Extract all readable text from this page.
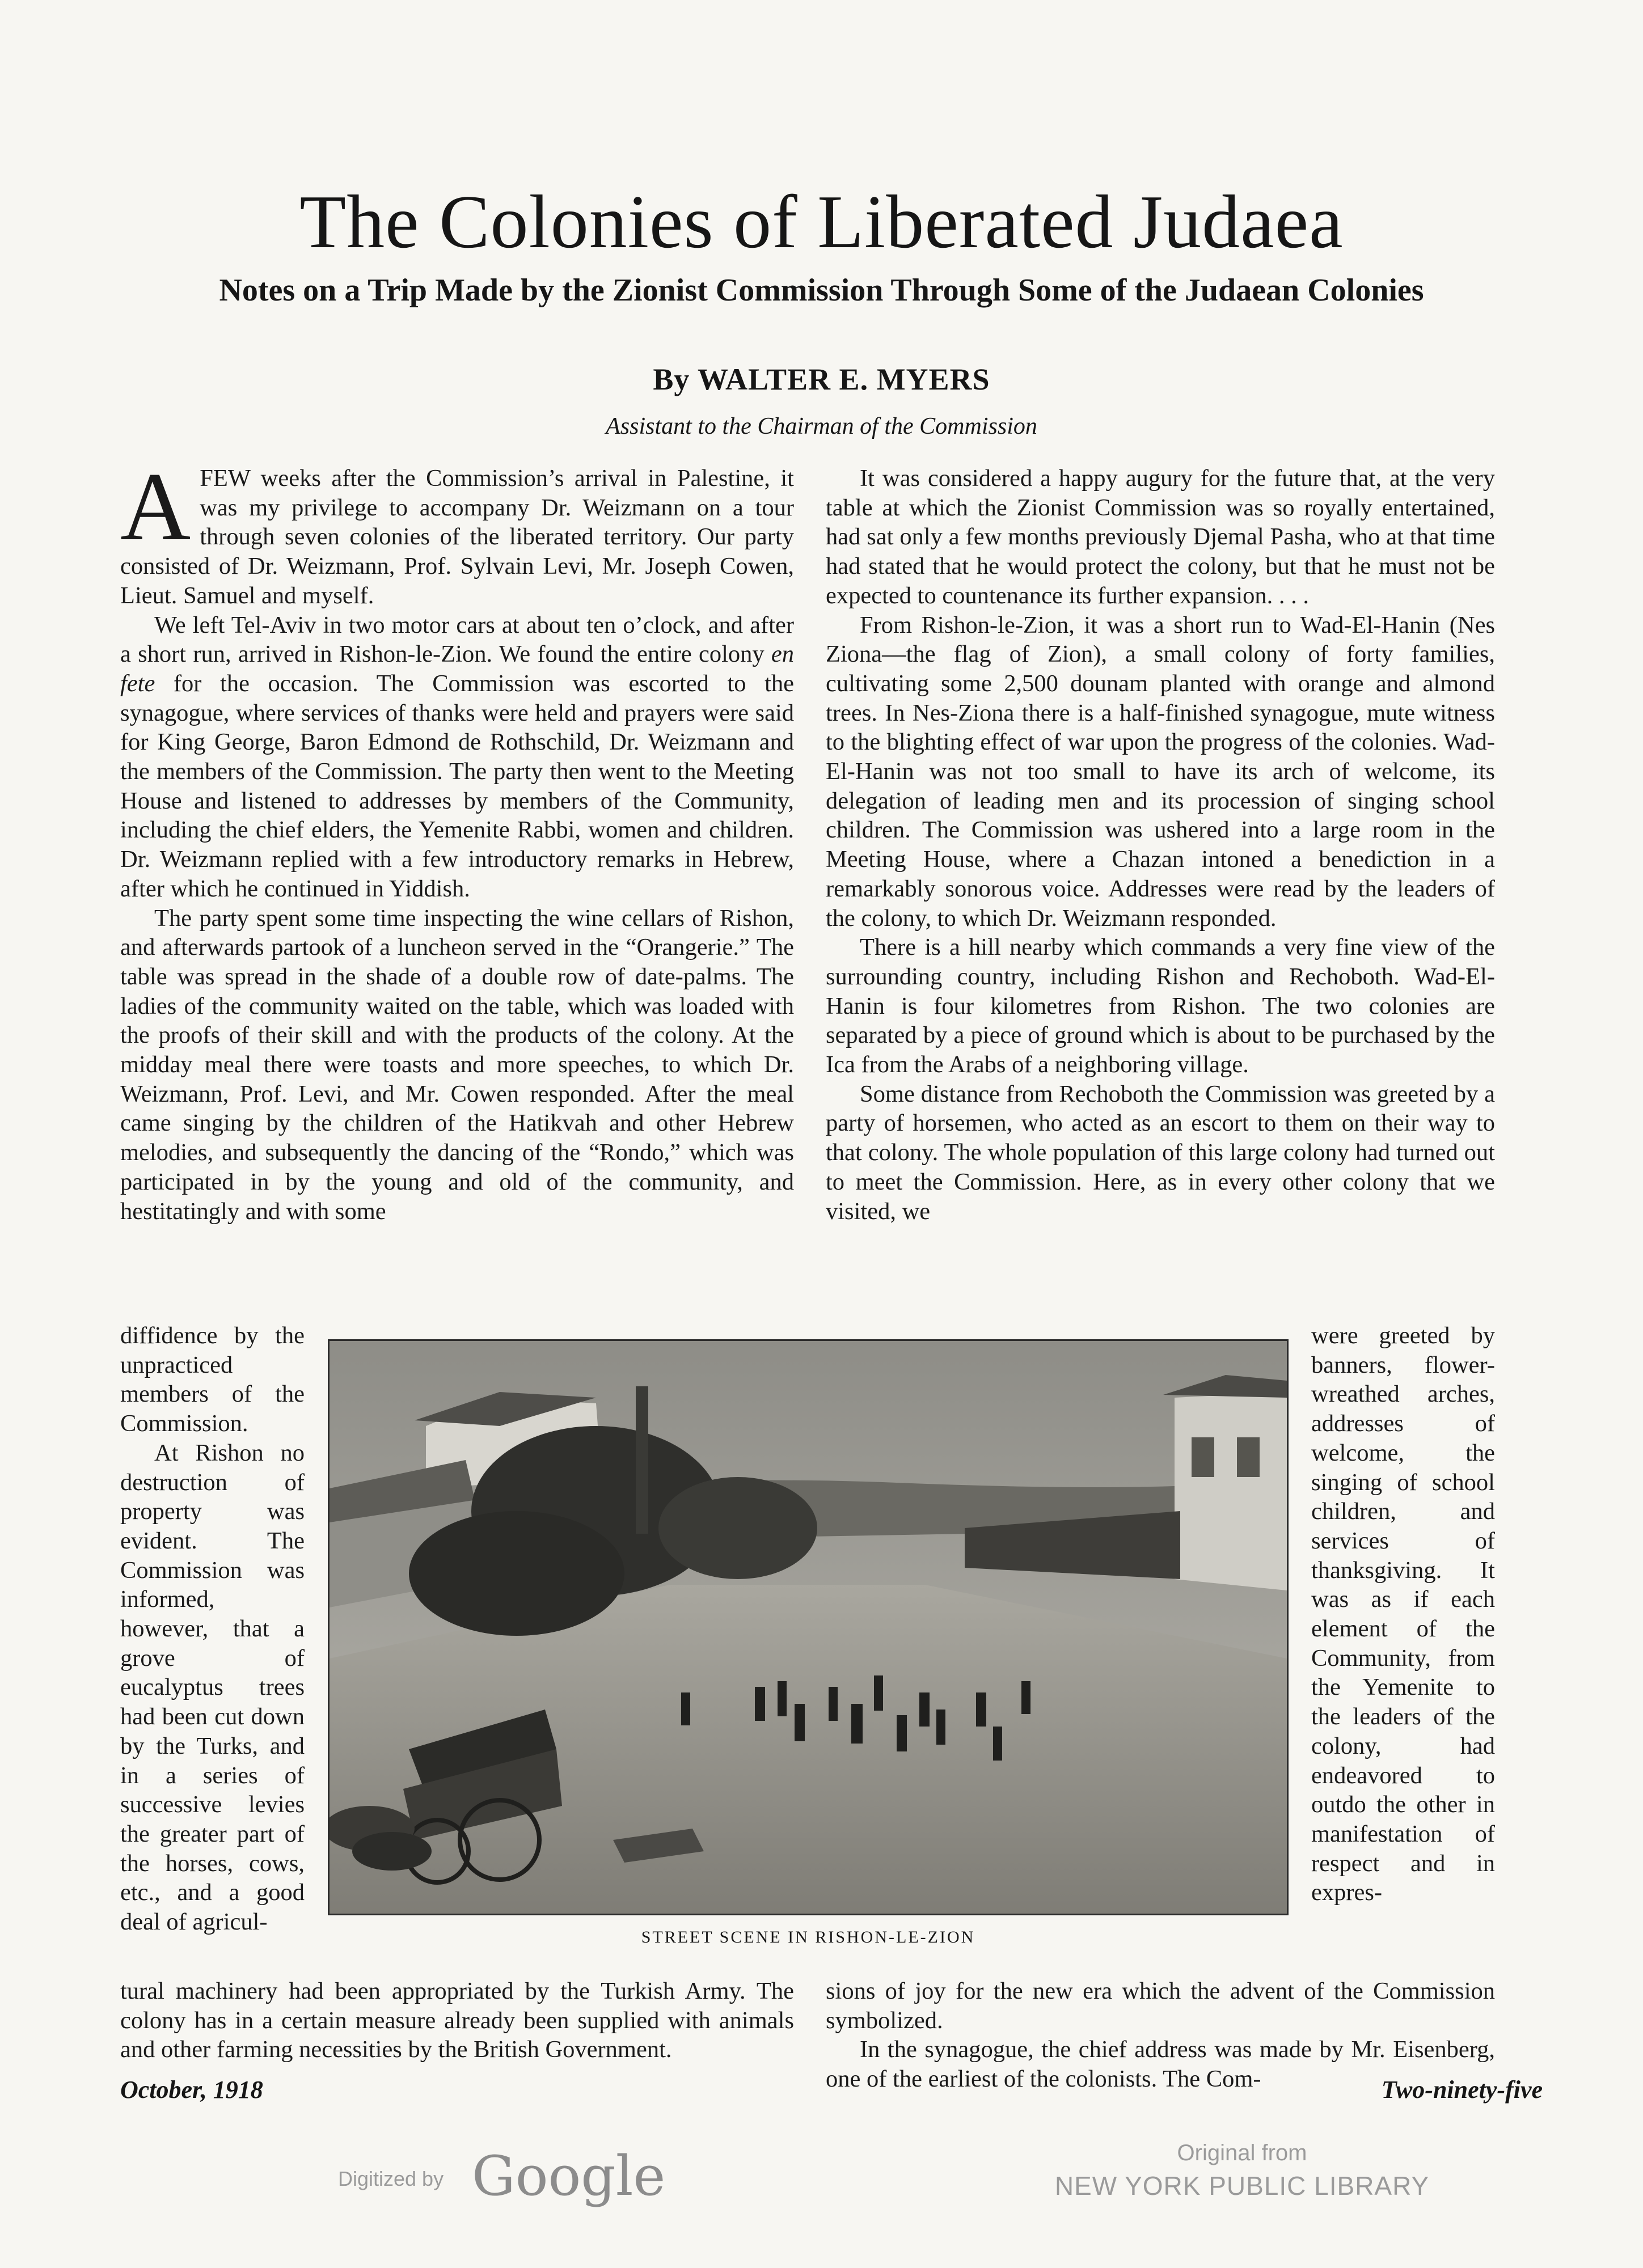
The Colonies of Liberated Judaea
Notes on a Trip Made by the Zionist Commission Through Some of the Judaean Colonies
By WALTER E. MYERS
Assistant to the Chairman of the Commission

AFEW weeks after the Commission’s arrival in Palestine, it was my privilege to accompany Dr. Weizmann on a tour through seven colonies of the liberated territory. Our party consisted of Dr. Weizmann, Prof. Sylvain Levi, Mr. Joseph Cowen, Lieut. Samuel and myself.

We left Tel-Aviv in two motor cars at about ten o’clock, and after a short run, arrived in Rishon-le-Zion. We found the entire colony en fete for the occasion. The Commission was escorted to the synagogue, where services of thanks were held and prayers were said for King George, Baron Edmond de Rothschild, Dr. Weizmann and the members of the Commission. The party then went to the Meeting House and listened to addresses by members of the Community, including the chief elders, the Yemenite Rabbi, women and children. Dr. Weizmann replied with a few introductory remarks in Hebrew, after which he continued in Yiddish.

The party spent some time inspecting the wine cellars of Rishon, and afterwards partook of a luncheon served in the “Orangerie.” The table was spread in the shade of a double row of date-palms. The ladies of the community waited on the table, which was loaded with the proofs of their skill and with the products of the colony. At the midday meal there were toasts and more speeches, to which Dr. Weizmann, Prof. Levi, and Mr. Cowen responded. After the meal came singing by the children of the Hatikvah and other Hebrew melodies, and subsequently the dancing of the “Rondo,” which was participated in by the young and old of the community, and hestitatingly and with some

diffidence by the unpracticed members of the Commission.

At Rishon no destruction of property was evident. The Commission was informed, however, that a grove of eucalyptus trees had been cut down by the Turks, and in a series of successive levies the greater part of the horses, cows, etc., and a good deal of agricul-

It was considered a happy augury for the future that, at the very table at which the Zionist Commission was so royally entertained, had sat only a few months previously Djemal Pasha, who at that time had stated that he would protect the colony, but that he must not be expected to countenance its further expansion. . . .

From Rishon-le-Zion, it was a short run to Wad-El-Hanin (Nes Ziona—the flag of Zion), a small colony of forty families, cultivating some 2,500 dounam planted with orange and almond trees. In Nes-Ziona there is a half-finished synagogue, mute witness to the blighting effect of war upon the progress of the colonies. Wad-El-Hanin was not too small to have its arch of welcome, its delegation of leading men and its procession of singing school children. The Commission was ushered into a large room in the Meeting House, where a Chazan intoned a benediction in a remarkably sonorous voice. Addresses were read by the leaders of the colony, to which Dr. Weizmann responded.

There is a hill nearby which commands a very fine view of the surrounding country, including Rishon and Rechoboth. Wad-El-Hanin is four kilometres from Rishon. The two colonies are separated by a piece of ground which is about to be purchased by the Ica from the Arabs of a neighboring village.

Some distance from Rechoboth the Commission was greeted by a party of horsemen, who acted as an escort to them on their way to that colony. The whole population of this large colony had turned out to meet the Commission. Here, as in every other colony that we visited, we

were greeted by banners, flower-wreathed arches, addresses of welcome, the singing of school children, and services of thanksgiving. It was as if each element of the Community, from the Yemenite to the leaders of the colony, had endeavored to outdo the other in manifestation of respect and in expres-

STREET SCENE IN RISHON-LE-ZION

tural machinery had been appropriated by the Turkish Army. The colony has in a certain measure already been supplied with animals and other farming necessities by the British Government.

sions of joy for the new era which the advent of the Commission symbolized.

In the synagogue, the chief address was made by Mr. Eisenberg, one of the earliest of the colonists. The Com-

October, 1918	Two-ninety-five
Digitized by Google	Original from
NEW YORK PUBLIC LIBRARY
